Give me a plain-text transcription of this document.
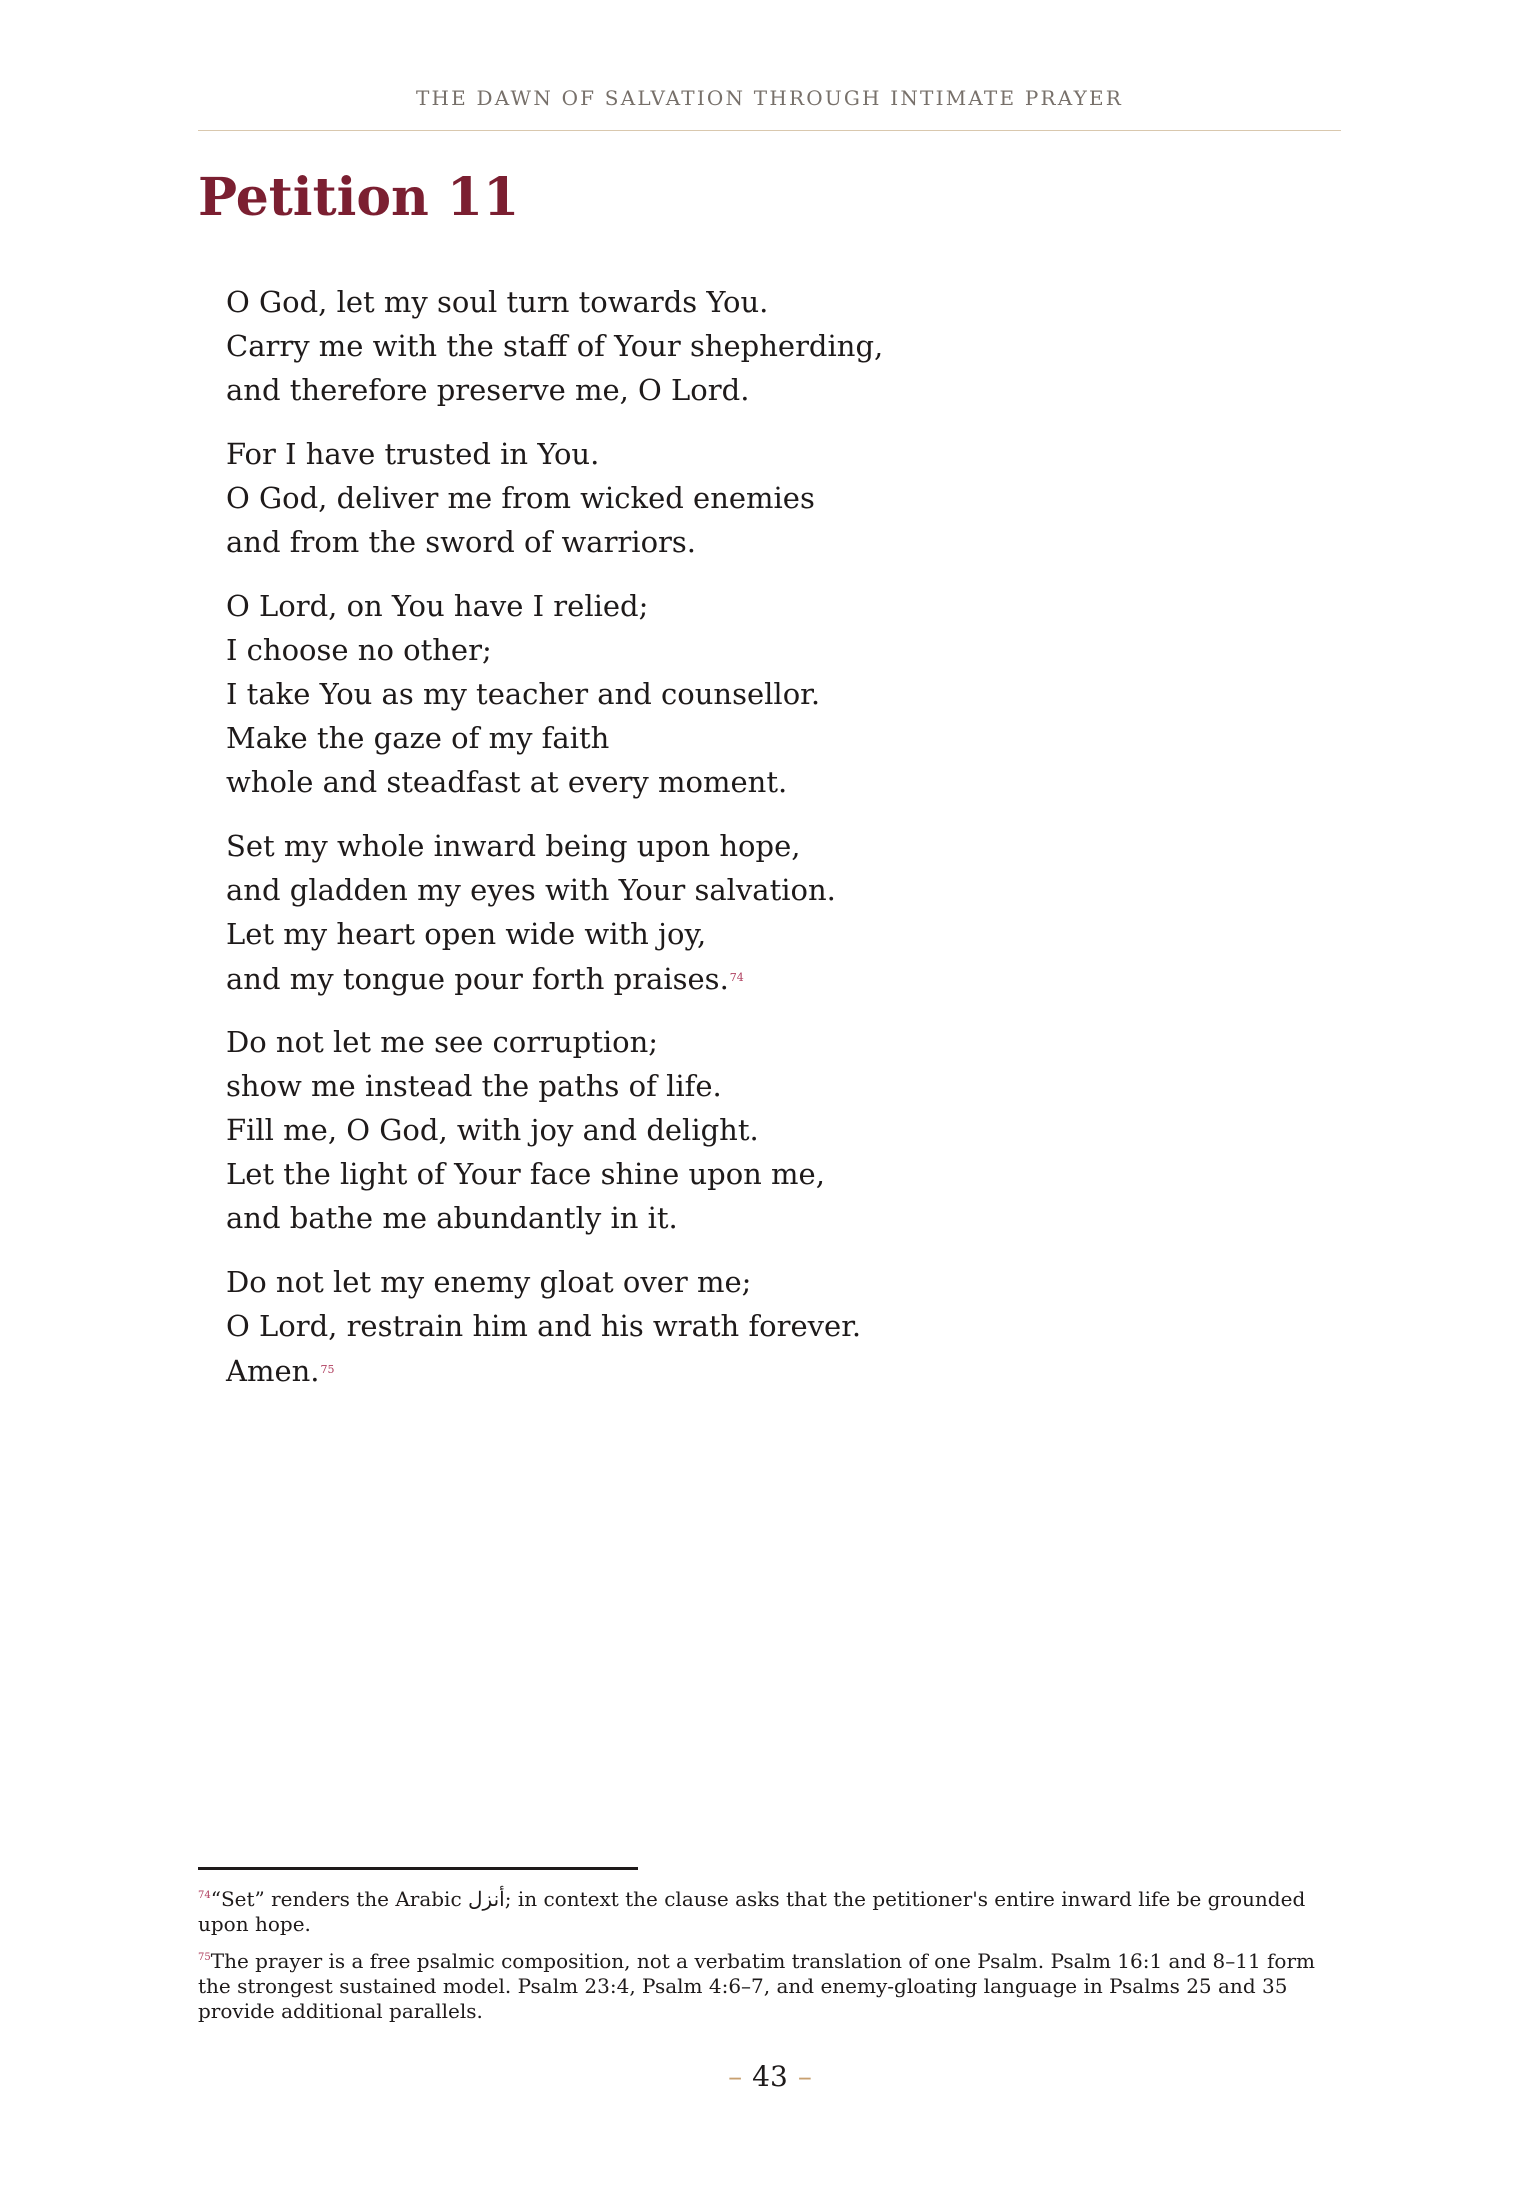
THE DAWN OF SALVATION THROUGH INTIMATE PRAYER
Petition 11
O God, let my soul turn towards You.
Carry me with the staff of Your shepherding,
and therefore preserve me, O Lord.
For I have trusted in You.
O God, deliver me from wicked enemies
and from the sword of warriors.
O Lord, on You have I relied;
I choose no other;
I take You as my teacher and counsellor.
Make the gaze of my faith
whole and steadfast at every moment.
Set my whole inward being upon hope,
and gladden my eyes with Your salvation.
Let my heart open wide with joy,
and my tongue pour forth praises.$^{74}$
Do not let me see corruption;
show me instead the paths of life.
Fill me, O God, with joy and delight.
Let the light of Your face shine upon me,
and bathe me abundantly in it.
Do not let my enemy gloat over me;
O Lord, restrain him and his wrath forever.
Amen.$^{75}$

$^{74}$“Set” renders the Arabic أنزل; in context the clause asks that the petitioner's entire inward life be grounded upon hope.

$^{75}$The prayer is a free psalmic composition, not a verbatim translation of one Psalm. Psalm 16:1 and 8–11 form the strongest sustained model. Psalm 23:4, Psalm 4:6–7, and enemy-gloating language in Psalms 25 and 35 provide additional parallels.

– 43 –
